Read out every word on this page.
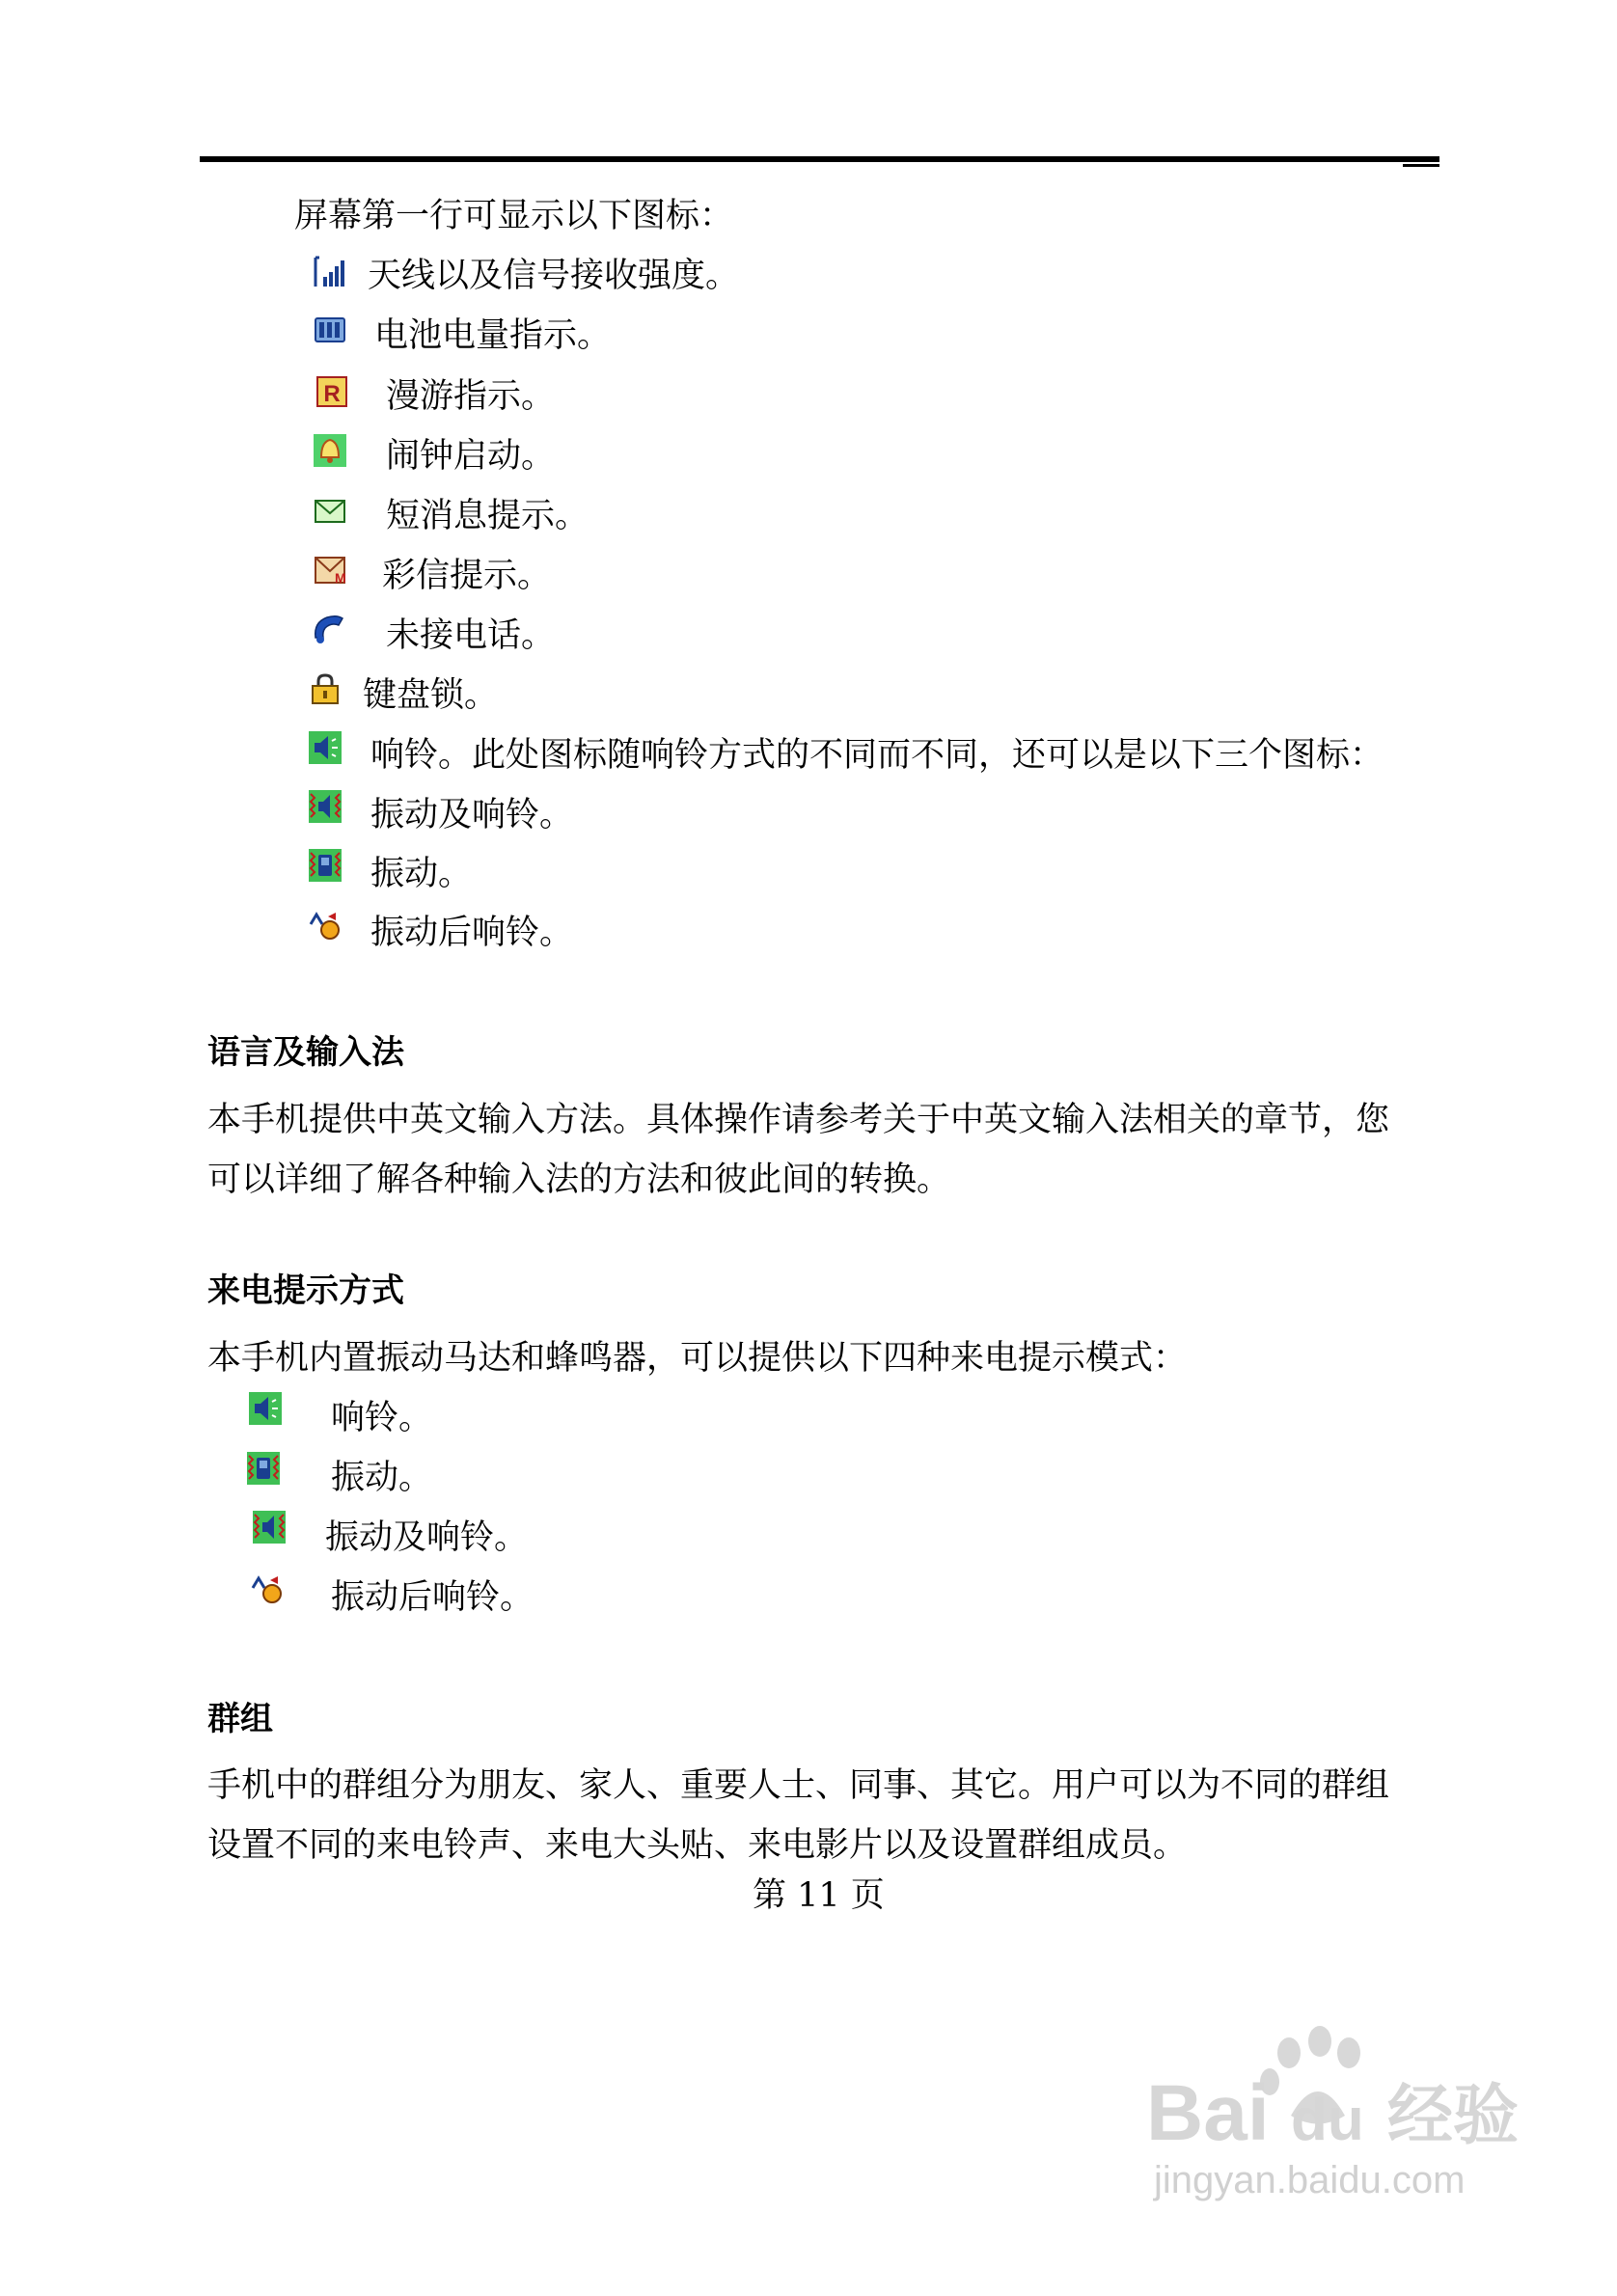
屏幕第一行可显示以下图标：
天线以及信号接收强度。
电池电量指示。
R 漫游指示。
闹钟启动。
短消息提示。
M 彩信提示。
未接电话。
键盘锁。
响铃。此处图标随响铃方式的不同而不同，还可以是以下三个图标：
振动及响铃。
振动。
振动后响铃。
语言及输入法
本手机提供中英文输入方法。具体操作请参考关于中英文输入法相关的章节，您
可以详细了解各种输入法的方法和彼此间的转换。
来电提示方式
本手机内置振动马达和蜂鸣器，可以提供以下四种来电提示模式：
响铃。
振动。
振动及响铃。
振动后响铃。
群组
手机中的群组分为朋友、家人、重要人士、同事、其它。用户可以为不同的群组
设置不同的来电铃声、来电大头贴、来电影片以及设置群组成员。
第 11 页
Bai du 经验
jingyan.baidu.com
